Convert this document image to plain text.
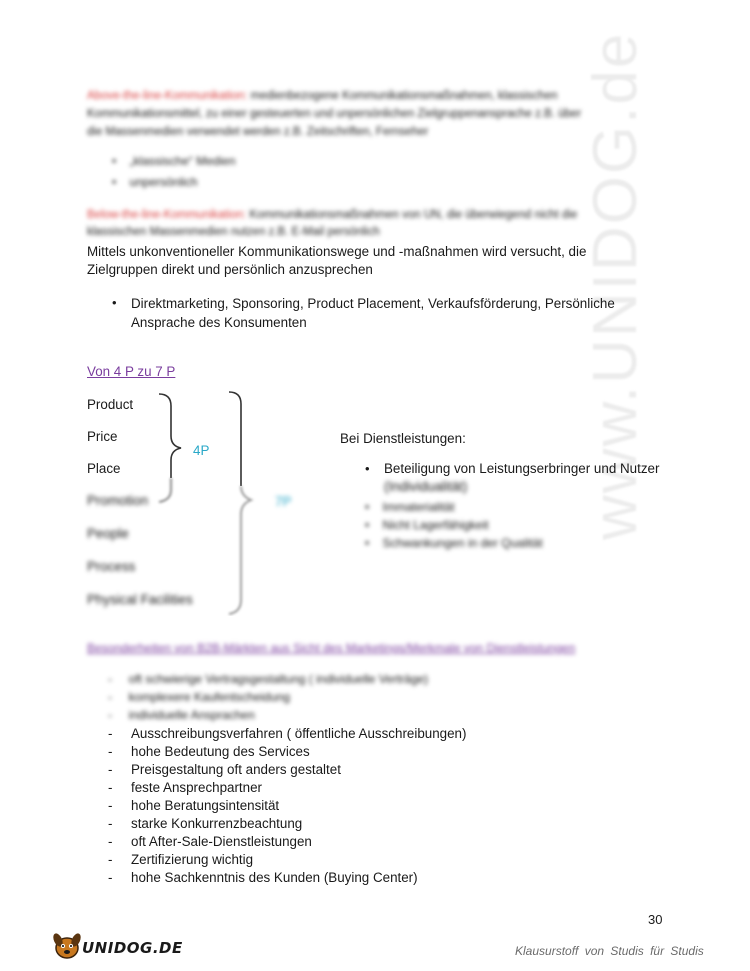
www.UNIDOG.de
Above-the-line-Kommunikation: medienbezogene Kommunikationsmaßnahmen, klassischen
Kommunikationsmittel, zu einer gesteuerten und unpersönlichen Zielgruppenansprache z.B. über
die Massenmedien verwendet werden z.B. Zeitschriften, Fernseher
•    „klassische“ Medien
•    unpersönlich
Below-the-line-Kommunikation: Kommunikationsmaßnahmen von UN, die überwiegend nicht die
klassischen Massenmedien nutzen z.B. E-Mail persönlich
Mittels unkonventioneller Kommunikationswege und -maßnahmen wird versucht, die
Zielgruppen direkt und persönlich anzusprechen
• Direktmarketing, Sponsoring, Product Placement, Verkaufsförderung, Persönliche
Ansprache des Konsumenten
Von 4 P zu 7 P
Product
Price
Place
Promotion
People
Process
Physical Facilities
4P
7P
Bei Dienstleistungen:
• Beteiligung von Leistungserbringer und Nutzer
(Individualität)
•    Immaterialität
•    Nicht Lagerfähigkeit
•    Schwankungen in der Qualität
Besonderheiten von B2B-Märkten aus Sicht des Marketings/Merkmale von Dienstleistungen
-     oft schwierige Vertragsgestaltung ( individuelle Verträge)
-     komplexere Kaufentscheidung
-     individuelle Ansprachen
- Ausschreibungsverfahren ( öffentliche Ausschreibungen)
- hohe Bedeutung des Services
- Preisgestaltung oft anders gestaltet
- feste Ansprechpartner
- hohe Beratungsintensität
- starke Konkurrenzbeachtung
- oft After-Sale-Dienstleistungen
- Zertifizierung wichtig
- hohe Sachkenntnis des Kunden (Buying Center)
30
UNIDOG.DE	Klausurstoff von Studis für Studis
